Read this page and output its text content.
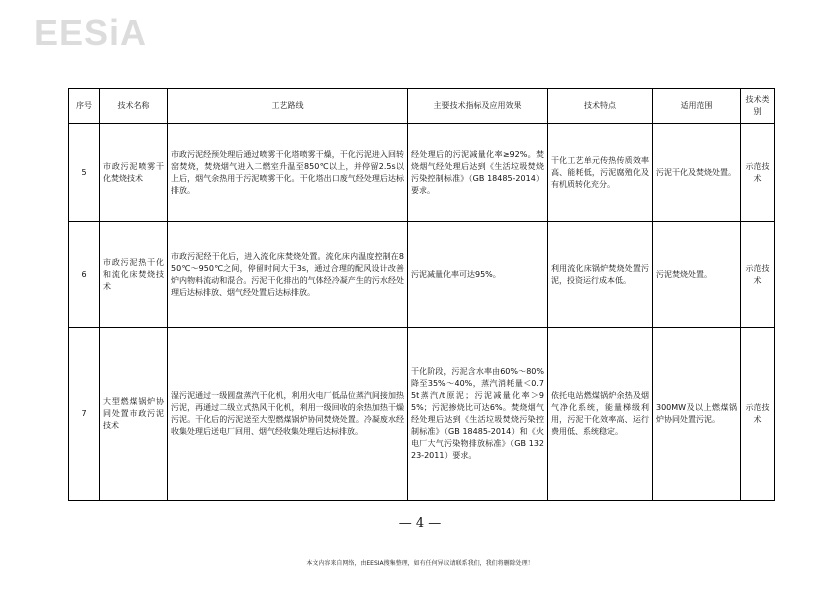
EESiA
序号	技术名称	工艺路线	主要技术指标及应用效果	技术特点	适用范围	技术类别
5	市政污泥喷雾干化焚烧技术	市政污泥经预处理后通过喷雾干化塔喷雾干燥，干化污泥进入回转窑焚烧，焚烧烟气进入二燃室升温至850℃以上，并停留2.5s以上后，烟气余热用于污泥喷雾干化。干化塔出口废气经处理后达标排放。	经处理后的污泥减量化率≥92%。焚烧烟气经处理后达到《生活垃圾焚烧污染控制标准》（GB 18485-2014）要求。	干化工艺单元传热传质效率高、能耗低，污泥腐殖化及有机质转化充分。	污泥干化及焚烧处置。	示范技术
6	市政污泥热干化和流化床焚烧技术	市政污泥经干化后，进入流化床焚烧处置。流化床内温度控制在850℃～950℃之间，停留时间大于3s，通过合理的配风设计改善炉内物料流动和混合。污泥干化排出的气体经冷凝产生的污水经处理后达标排放、烟气经处置后达标排放。	污泥减量化率可达95%。	利用流化床锅炉焚烧处置污泥，投资运行成本低。	污泥焚烧处置。	示范技术
7	大型燃煤锅炉协同处置市政污泥技术	湿污泥通过一级圆盘蒸汽干化机，利用火电厂低品位蒸汽间接加热污泥，再通过二级立式热风干化机，利用一级回收的余热加热干燥污泥。干化后的污泥送至大型燃煤锅炉协同焚烧处置。冷凝废水经收集处理后送电厂回用、烟气经收集处理后达标排放。	干化阶段，污泥含水率由60%～80%降至35%～40%，蒸汽消耗量＜0.75t蒸汽/t原泥；污泥减量化率＞95%；污泥掺烧比可达6%。焚烧烟气经处理后达到《生活垃圾焚烧污染控制标准》（GB 18485-2014）和《火电厂大气污染物排放标准》（GB 13223-2011）要求。	依托电站燃煤锅炉余热及烟气净化系统，能量梯级利用，污泥干化效率高、运行费用低、系统稳定。	300MW及以上燃煤锅炉协同处置污泥。	示范技术
— 4 —
本文内容来自网络，由EESIA搜集整理，如有任何异议请联系我们，我们将删除处理！
